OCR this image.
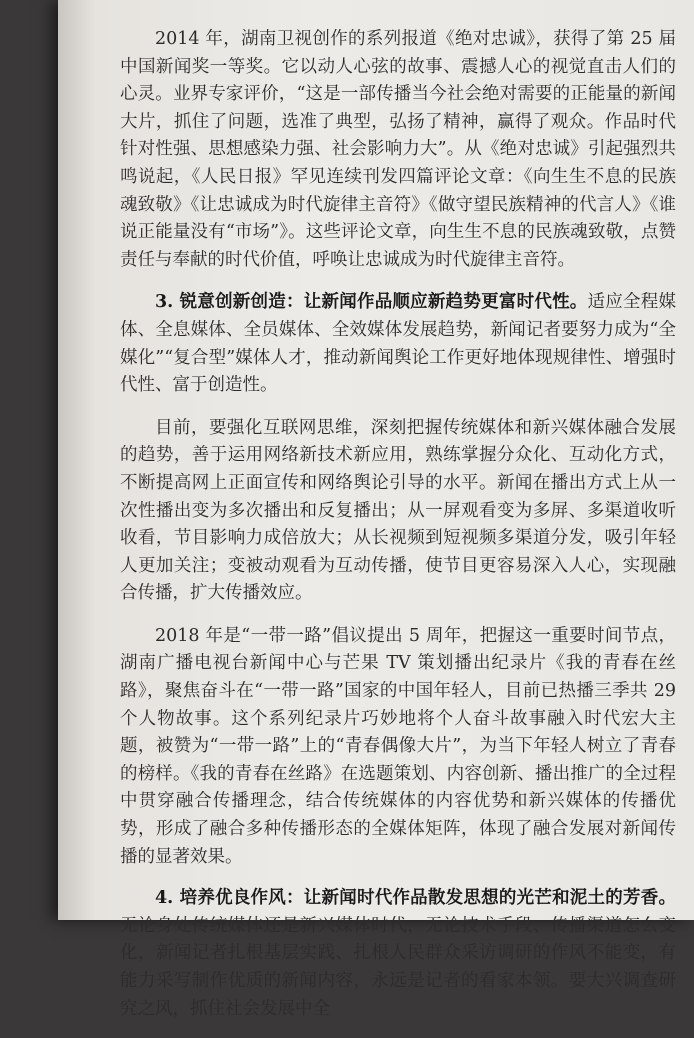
2014 年，湖南卫视创作的系列报道《绝对忠诚》，获得了第 25 届中国新闻奖一等奖。它以动人心弦的故事、震撼人心的视觉直击人们的心灵。业界专家评价，“这是一部传播当今社会绝对需要的正能量的新闻大片，抓住了问题，选准了典型，弘扬了精神，赢得了观众。作品时代针对性强、思想感染力强、社会影响力大”。从《绝对忠诚》引起强烈共鸣说起，《人民日报》罕见连续刊发四篇评论文章：《向生生不息的民族魂致敬》《让忠诚成为时代旋律主音符》《做守望民族精神的代言人》《谁说正能量没有“市场”》。这些评论文章，向生生不息的民族魂致敬，点赞责任与奉献的时代价值，呼唤让忠诚成为时代旋律主音符。

3. 锐意创新创造：让新闻作品顺应新趋势更富时代性。适应全程媒体、全息媒体、全员媒体、全效媒体发展趋势，新闻记者要努力成为“全媒化”“复合型”媒体人才，推动新闻舆论工作更好地体现规律性、增强时代性、富于创造性。

目前，要强化互联网思维，深刻把握传统媒体和新兴媒体融合发展的趋势，善于运用网络新技术新应用，熟练掌握分众化、互动化方式，不断提高网上正面宣传和网络舆论引导的水平。新闻在播出方式上从一次性播出变为多次播出和反复播出；从一屏观看变为多屏、多渠道收听收看，节目影响力成倍放大；从长视频到短视频多渠道分发，吸引年轻人更加关注；变被动观看为互动传播，使节目更容易深入人心，实现融合传播，扩大传播效应。

2018 年是“一带一路”倡议提出 5 周年，把握这一重要时间节点，湖南广播电视台新闻中心与芒果 TV 策划播出纪录片《我的青春在丝路》，聚焦奋斗在“一带一路”国家的中国年轻人，目前已热播三季共 29 个人物故事。这个系列纪录片巧妙地将个人奋斗故事融入时代宏大主题，被赞为“一带一路”上的“青春偶像大片”，为当下年轻人树立了青春的榜样。《我的青春在丝路》在选题策划、内容创新、播出推广的全过程中贯穿融合传播理念，结合传统媒体的内容优势和新兴媒体的传播优势，形成了融合多种传播形态的全媒体矩阵，体现了融合发展对新闻传播的显著效果。

4. 培养优良作风：让新闻时代作品散发思想的光芒和泥土的芳香。无论身处传统媒体还是新兴媒体时代，无论技术手段、传播渠道怎么变化，新闻记者扎根基层实践、扎根人民群众采访调研的作风不能变，有能力采写制作优质的新闻内容，永远是记者的看家本领。要大兴调查研究之风，抓住社会发展中全
